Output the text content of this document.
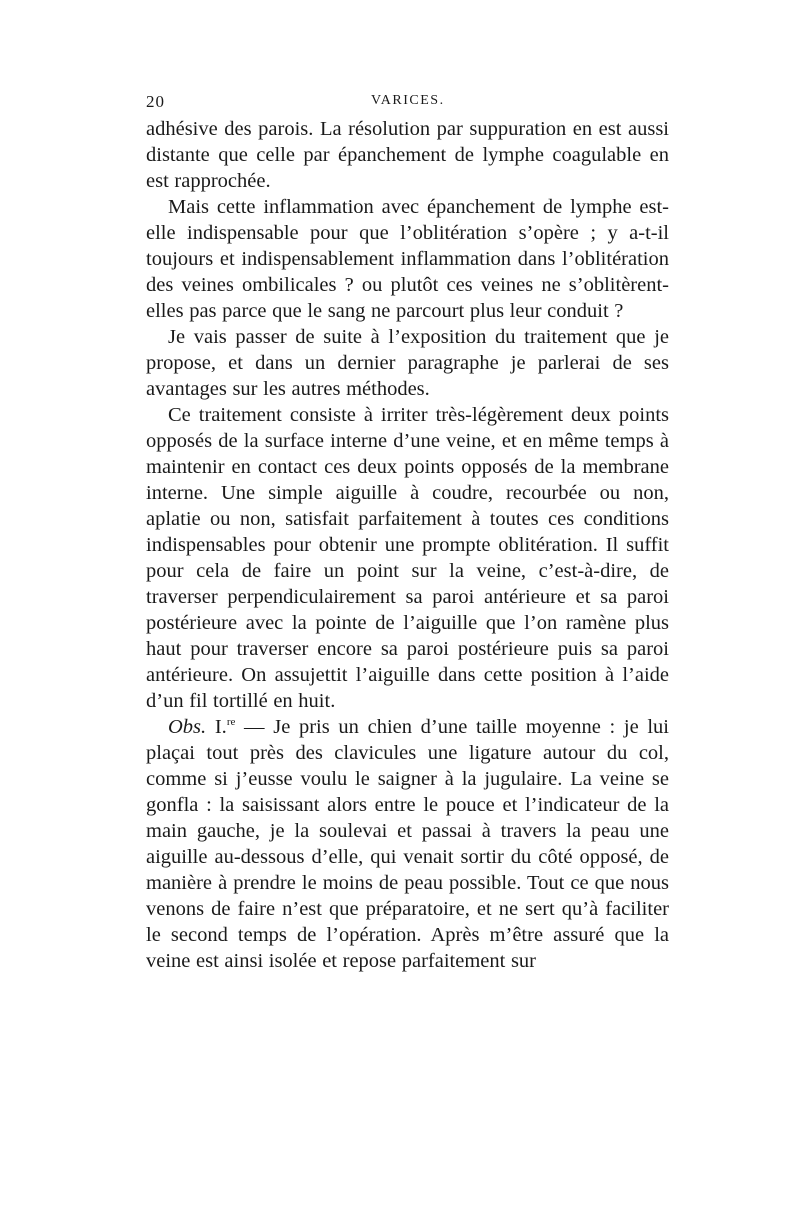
20	VARICES.

adhésive des parois. La résolution par suppuration en est aussi distante que celle par épanchement de lymphe coagulable en est rapprochée.

Mais cette inflammation avec épanchement de lymphe est-elle indispensable pour que l’oblitération s’opère ; y a-t-il toujours et indispensablement inflammation dans l’oblitération des veines ombilicales ? ou plutôt ces veines ne s’oblitèrent-elles pas parce que le sang ne parcourt plus leur conduit ?

Je vais passer de suite à l’exposition du traitement que je propose, et dans un dernier paragraphe je parlerai de ses avantages sur les autres méthodes.

Ce traitement consiste à irriter très-légèrement deux points opposés de la surface interne d’une veine, et en même temps à maintenir en contact ces deux points opposés de la membrane interne. Une simple aiguille à coudre, recourbée ou non, aplatie ou non, satisfait parfaitement à toutes ces conditions indispensables pour obtenir une prompte oblitération. Il suffit pour cela de faire un point sur la veine, c’est-à-dire, de traverser perpendiculairement sa paroi antérieure et sa paroi postérieure avec la pointe de l’aiguille que l’on ramène plus haut pour traverser encore sa paroi postérieure puis sa paroi antérieure. On assujettit l’aiguille dans cette position à l’aide d’un fil tortillé en huit.

Obs. I.$^{re}$ — Je pris un chien d’une taille moyenne : je lui plaçai tout près des clavicules une ligature autour du col, comme si j’eusse voulu le saigner à la jugulaire. La veine se gonfla : la saisissant alors entre le pouce et l’indicateur de la main gauche, je la soulevai et passai à travers la peau une aiguille au-dessous d’elle, qui venait sortir du côté opposé, de manière à prendre le moins de peau possible. Tout ce que nous venons de faire n’est que préparatoire, et ne sert qu’à faciliter le second temps de l’opération. Après m’être assuré que la veine est ainsi isolée et repose parfaitement sur
